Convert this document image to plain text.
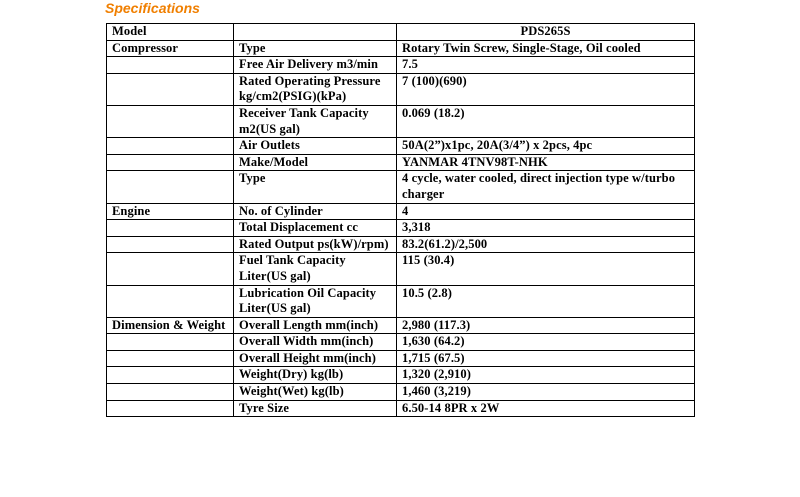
Specifications
Model		PDS265S
Compressor	Type	Rotary Twin Screw, Single-Stage, Oil cooled
	Free Air Delivery m3/min	7.5
	Rated Operating Pressure kg/cm2(PSIG)(kPa)	7 (100)(690)
	Receiver Tank Capacity m2(US gal)	0.069 (18.2)
	Air Outlets	50A(2”)x1pc, 20A(3/4”) x 2pcs, 4pc
	Make/Model	YANMAR 4TNV98T-NHK
	Type	4 cycle, water cooled, direct injection type w/turbo charger
Engine	No. of Cylinder	4
	Total Displacement cc	3,318
	Rated Output ps(kW)/rpm)	83.2(61.2)/2,500
	Fuel Tank Capacity Liter(US gal)	115 (30.4)
	Lubrication Oil Capacity Liter(US gal)	10.5 (2.8)
Dimension & Weight	Overall Length mm(inch)	2,980 (117.3)
	Overall Width mm(inch)	1,630 (64.2)
	Overall Height mm(inch)	1,715 (67.5)
	Weight(Dry) kg(lb)	1,320 (2,910)
	Weight(Wet) kg(lb)	1,460 (3,219)
	Tyre Size	6.50-14 8PR x 2W
